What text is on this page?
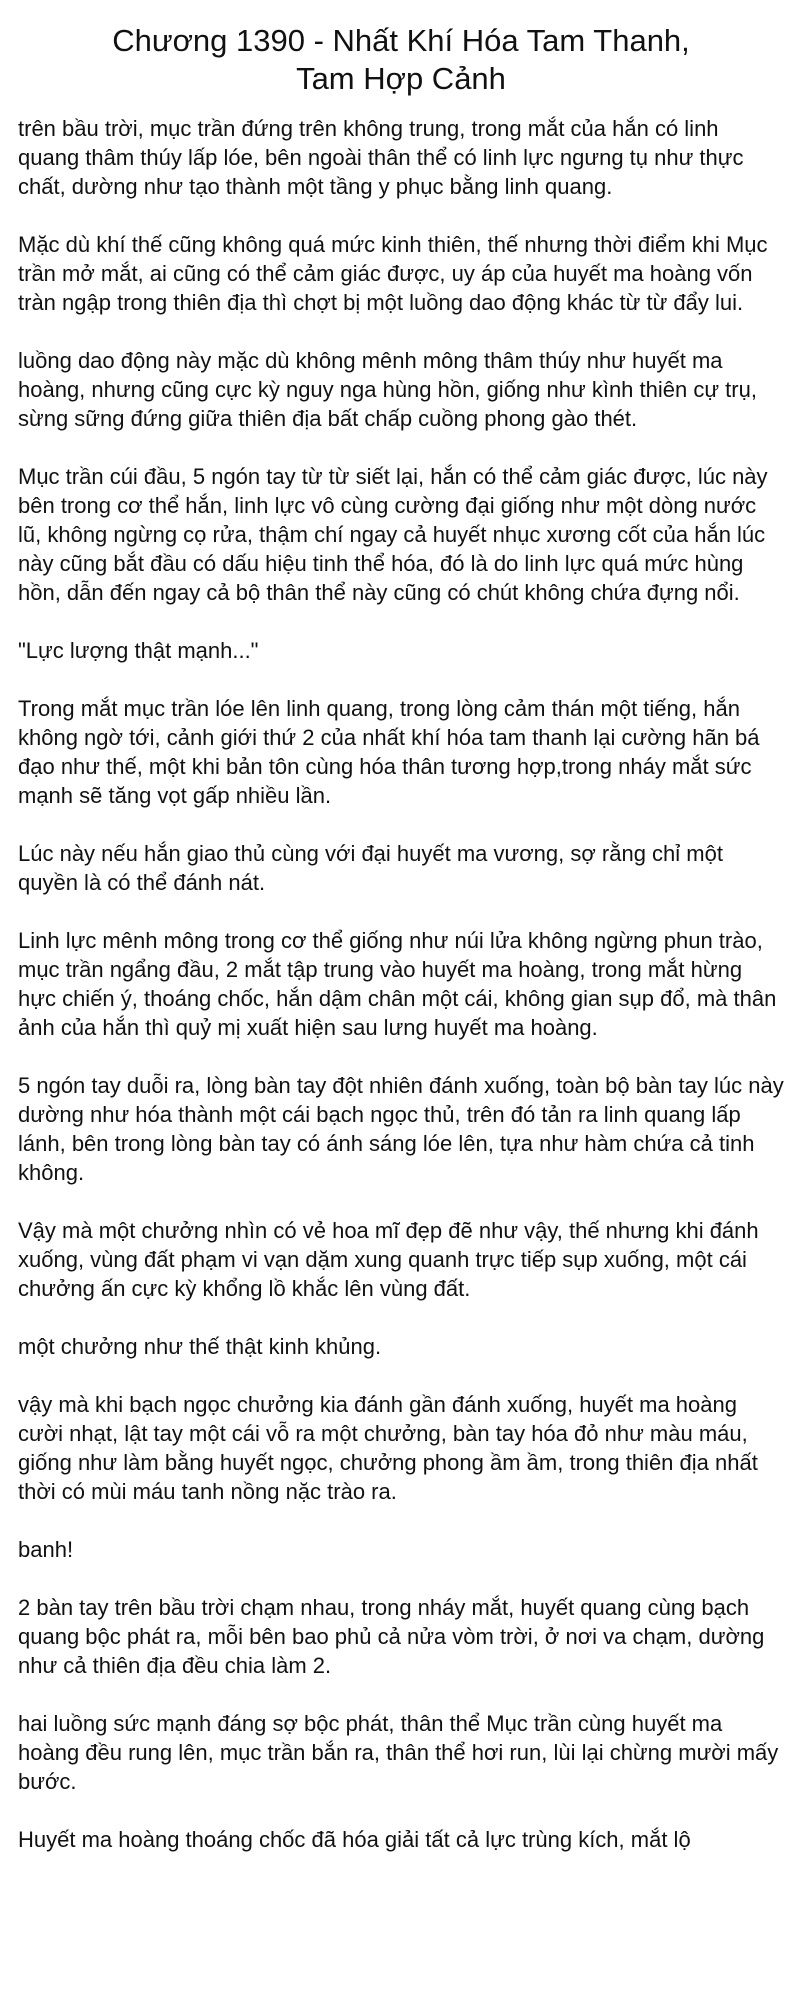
Chương 1390 - Nhất Khí Hóa Tam Thanh, Tam Hợp Cảnh

trên bầu trời, mục trần đứng trên không trung, trong mắt của hắn có linh quang thâm thúy lấp lóe, bên ngoài thân thể có linh lực ngưng tụ như thực chất, dường như tạo thành một tầng y phục bằng linh quang.

Mặc dù khí thế cũng không quá mức kinh thiên, thế nhưng thời điểm khi Mục trần mở mắt, ai cũng có thể cảm giác được, uy áp của huyết ma hoàng vốn tràn ngập trong thiên địa thì chợt bị một luồng dao động khác từ từ đẩy lui.

luồng dao động này mặc dù không mênh mông thâm thúy như huyết ma hoàng, nhưng cũng cực kỳ nguy nga hùng hồn, giống như kình thiên cự trụ, sừng sững đứng giữa thiên địa bất chấp cuồng phong gào thét.

Mục trần cúi đầu, 5 ngón tay từ từ siết lại, hắn có thể cảm giác được, lúc này bên trong cơ thể hắn, linh lực vô cùng cường đại giống như một dòng nước lũ, không ngừng cọ rửa, thậm chí ngay cả huyết nhục xương cốt của hắn lúc này cũng bắt đầu có dấu hiệu tinh thể hóa, đó là do linh lực quá mức hùng hồn, dẫn đến ngay cả bộ thân thể này cũng có chút không chứa đựng nổi.

"Lực lượng thật mạnh..."

Trong mắt mục trần lóe lên linh quang, trong lòng cảm thán một tiếng, hắn không ngờ tới, cảnh giới thứ 2 của nhất khí hóa tam thanh lại cường hãn bá đạo như thế, một khi bản tôn cùng hóa thân tương hợp,trong nháy mắt sức mạnh sẽ tăng vọt gấp nhiều lần.

Lúc này nếu hắn giao thủ cùng với đại huyết ma vương, sợ rằng chỉ một quyền là có thể đánh nát.

Linh lực mênh mông trong cơ thể giống như núi lửa không ngừng phun trào, mục trần ngẩng đầu, 2 mắt tập trung vào huyết ma hoàng, trong mắt hừng hực chiến ý, thoáng chốc, hắn dậm chân một cái, không gian sụp đổ, mà thân ảnh của hắn thì quỷ mị xuất hiện sau lưng huyết ma hoàng.

5 ngón tay duỗi ra, lòng bàn tay đột nhiên đánh xuống, toàn bộ bàn tay lúc này dường như hóa thành một cái bạch ngọc thủ, trên đó tản ra linh quang lấp lánh, bên trong lòng bàn tay có ánh sáng lóe lên, tựa như hàm chứa cả tinh không.

Vậy mà một chưởng nhìn có vẻ hoa mĩ đẹp đẽ như vậy, thế nhưng khi đánh xuống, vùng đất phạm vi vạn dặm xung quanh trực tiếp sụp xuống, một cái chưởng ấn cực kỳ khổng lồ khắc lên vùng đất.

một chưởng như thế thật kinh khủng.

vậy mà khi bạch ngọc chưởng kia đánh gần đánh xuống, huyết ma hoàng cười nhạt, lật tay một cái vỗ ra một chưởng, bàn tay hóa đỏ như màu máu, giống như làm bằng huyết ngọc, chưởng phong ầm ầm, trong thiên địa nhất thời có mùi máu tanh nồng nặc trào ra.

banh!

2 bàn tay trên bầu trời chạm nhau, trong nháy mắt, huyết quang cùng bạch quang bộc phát ra, mỗi bên bao phủ cả nửa vòm trời, ở nơi va chạm, dường như cả thiên địa đều chia làm 2.

hai luồng sức mạnh đáng sợ bộc phát, thân thể Mục trần cùng huyết ma hoàng đều rung lên, mục trần bắn ra, thân thể hơi run, lùi lại chừng mười mấy bước.

Huyết ma hoàng thoáng chốc đã hóa giải tất cả lực trùng kích, mắt lộ
